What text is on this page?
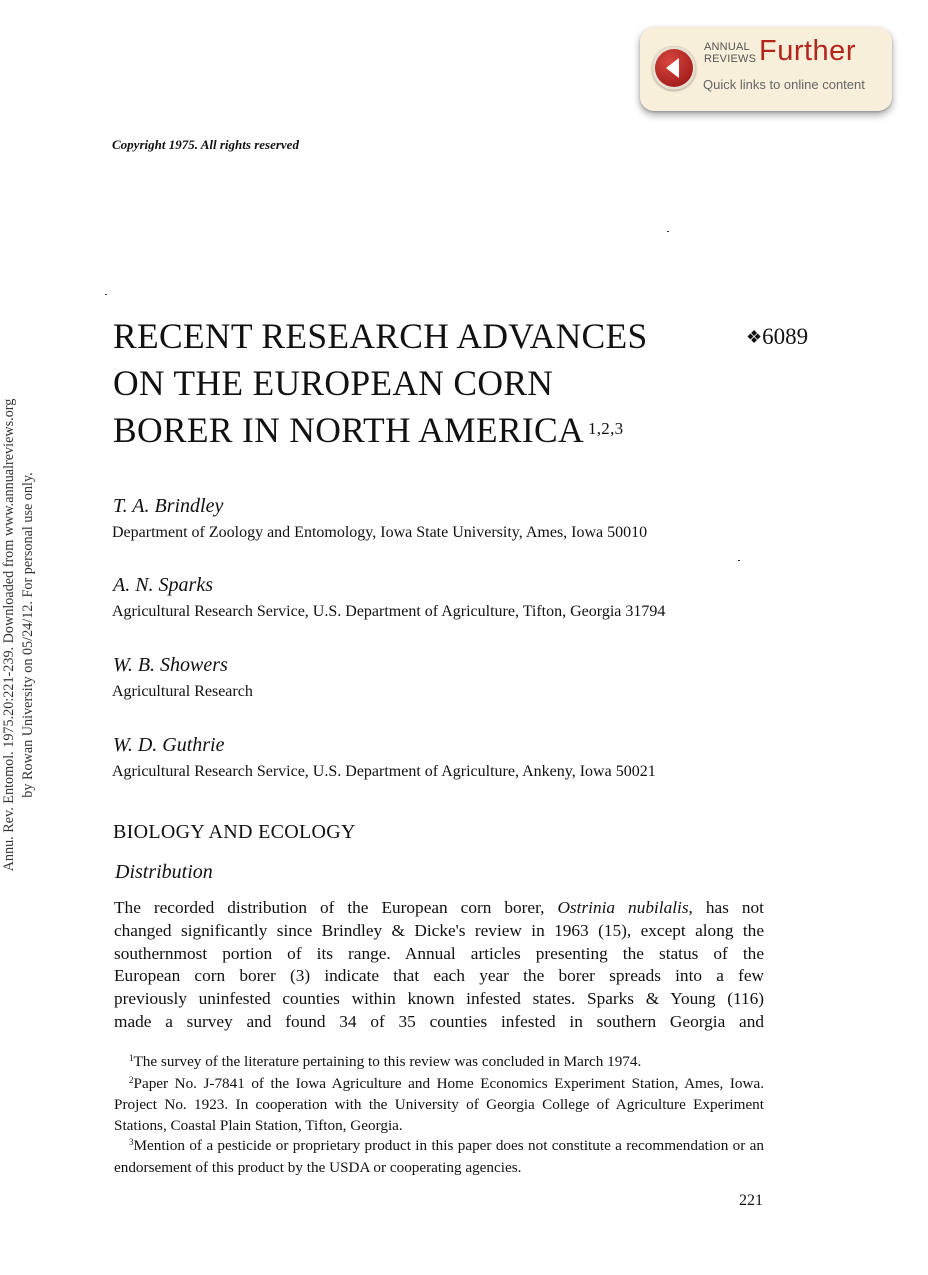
ANNUAL
REVIEWS Further
Quick links to online content
Copyright 1975. All rights reserved
RECENT RESEARCH ADVANCES
ON THE EUROPEAN CORN
BORER IN NORTH AMERICA $^{1,2,3}$
❖6089
T. A. Brindley
Department of Zoology and Entomology, Iowa State University, Ames, Iowa 50010
A. N. Sparks
Agricultural Research Service, U.S. Department of Agriculture, Tifton, Georgia 31794
W. B. Showers
Agricultural Research
W. D. Guthrie
Agricultural Research Service, U.S. Department of Agriculture, Ankeny, Iowa 50021
BIOLOGY AND ECOLOGY
Distribution
The recorded distribution of the European corn borer, Ostrinia nubilalis, has not
changed significantly since Brindley & Dicke's review in 1963 (15), except along the
southernmost portion of its range. Annual articles presenting the status of the
European corn borer (3) indicate that each year the borer spreads into a few
previously uninfested counties within known infested states. Sparks & Young (116)
made a survey and found 34 of 35 counties infested in southern Georgia and
$^1$The survey of the literature pertaining to this review was concluded in March 1974.
$^2$Paper No. J-7841 of the Iowa Agriculture and Home Economics Experiment Station, Ames, Iowa. Project No. 1923. In cooperation with the University of Georgia College of Agriculture Experiment Stations, Coastal Plain Station, Tifton, Georgia.
$^3$Mention of a pesticide or proprietary product in this paper does not constitute a recommendation or an endorsement of this product by the USDA or cooperating agencies.
221
Annu. Rev. Entomol. 1975.20:221-239. Downloaded from www.annualreviews.org by Rowan University on 05/24/12. For personal use only.
